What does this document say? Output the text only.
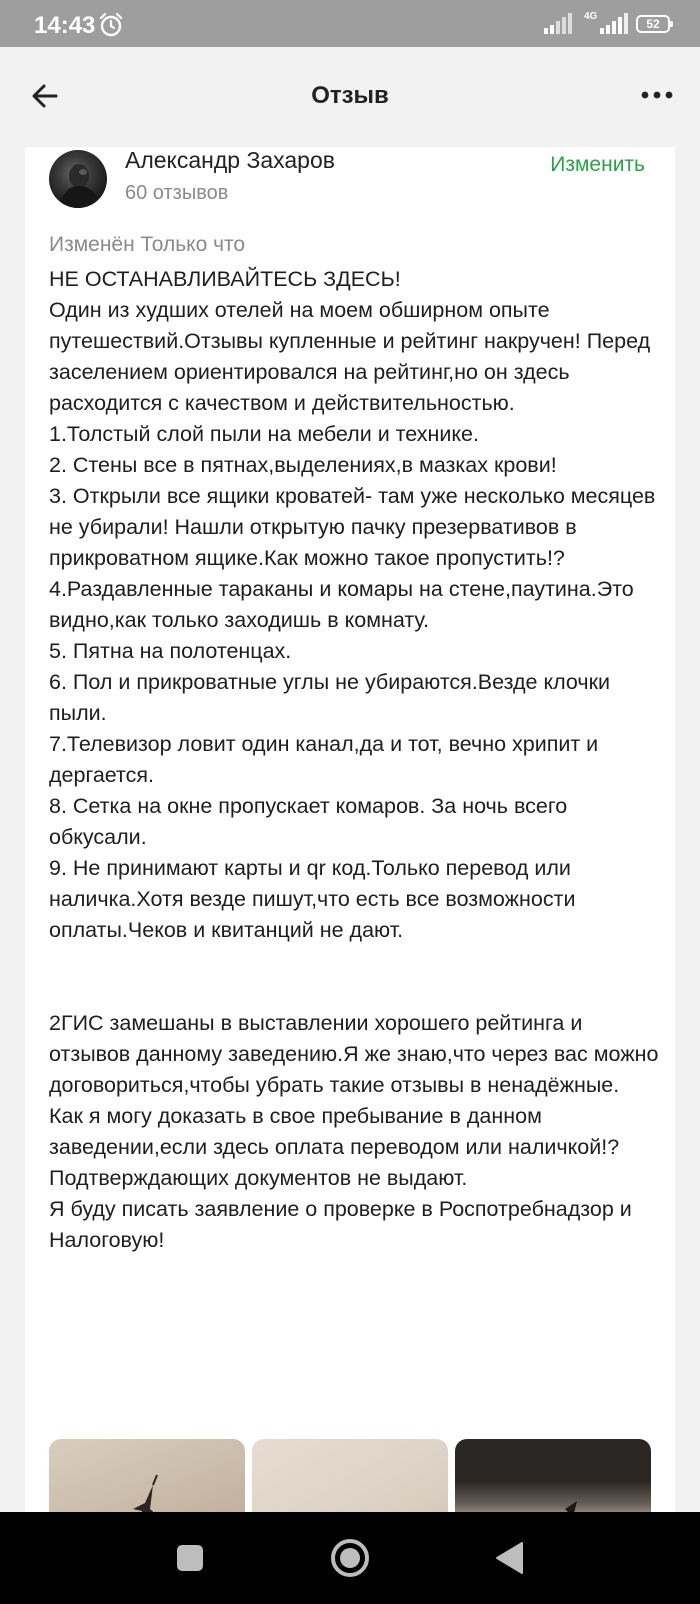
14:43	4G
52
Отзыв
Александр Захаров
60 отзывов
Изменить
Изменён Только что

НЕ ОСТАНАВЛИВАЙТЕСЬ ЗДЕСЬ!
Один из худших отелей на моем обширном опыте путешествий.Отзывы купленные и рейтинг накручен! Перед заселением ориентировался на рейтинг,но он здесь расходится с качеством и действительностью.
1.Толстый слой пыли на мебели и технике.
2. Стены все в пятнах,выделениях,в мазках крови!
3. Открыли все ящики кроватей- там уже несколько месяцев не убирали! Нашли открытую пачку презервативов в прикроватном ящике.Как можно такое пропустить!?
4.Раздавленные тараканы и комары на стене,паутина.Это видно,как только заходишь в комнату.
5. Пятна на полотенцах.
6. Пол и прикроватные углы не убираются.Везде клочки пыли.
7.Телевизор ловит один канал,да и тот, вечно хрипит и дергается.
8. Сетка на окне пропускает комаров. За ночь всего обкусали.
9. Не принимают карты и qr код.Только перевод или наличка.Хотя везде пишут,что есть все возможности оплаты.Чеков и квитанций не дают.

2ГИС замешаны в выставлении хорошего рейтинга и отзывов данному заведению.Я же знаю,что через вас можно договориться,чтобы убрать такие отзывы в ненадёжные.
Как я могу доказать в свое пребывание в данном заведении,если здесь оплата переводом или наличкой!? Подтверждающих документов не выдают.
Я буду писать заявление о проверке в Роспотребнадзор и Налоговую!
